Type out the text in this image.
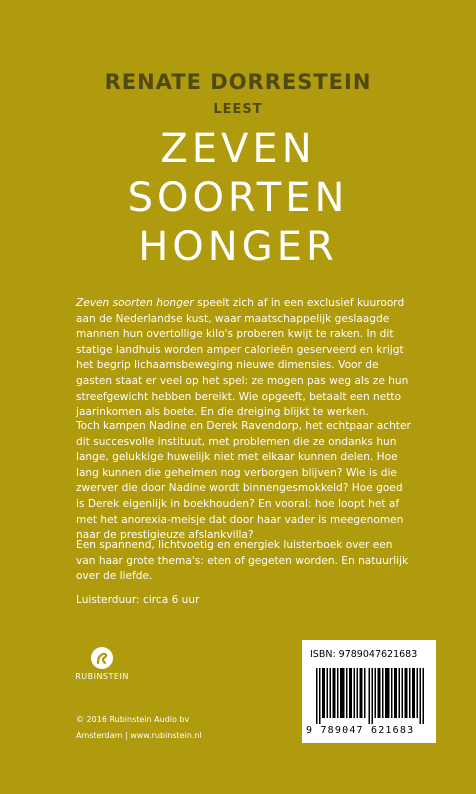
RENATE DORRESTEIN
LEEST
ZEVEN
SOORTEN
HONGER
Zeven soorten honger speelt zich af in een exclusief kuuroord aan de Nederlandse kust, waar maatschappelijk geslaagde mannen hun overtollige kilo's proberen kwijt te raken. In dit statige landhuis worden amper calorieën geserveerd en krijgt het begrip lichaamsbeweging nieuwe dimensies. Voor de gasten staat er veel op het spel: ze mogen pas weg als ze hun streefgewicht hebben bereikt. Wie opgeeft, betaalt een netto jaarinkomen als boete. En die dreiging blijkt te werken.
Toch kampen Nadine en Derek Ravendorp, het echtpaar achter dit succesvolle instituut, met problemen die ze ondanks hun lange, gelukkige huwelijk niet met elkaar kunnen delen. Hoe lang kunnen die geheimen nog verborgen blijven? Wie is die zwerver die door Nadine wordt binnengesmokkeld? Hoe goed is Derek eigenlijk in boekhouden? En vooral: hoe loopt het af met het anorexia-meisje dat door haar vader is meegenomen naar de prestigieuze afslankvilla?
Een spannend, lichtvoetig en energiek luisterboek over een van haar grote thema's: eten of gegeten worden. En natuurlijk over de liefde.
Luisterduur: circa 6 uur
RUBINSTEIN
© 2016 Rubinstein Audio bv
Amsterdam | www.rubinstein.nl
ISBN: 9789047621683
9 789047 621683
